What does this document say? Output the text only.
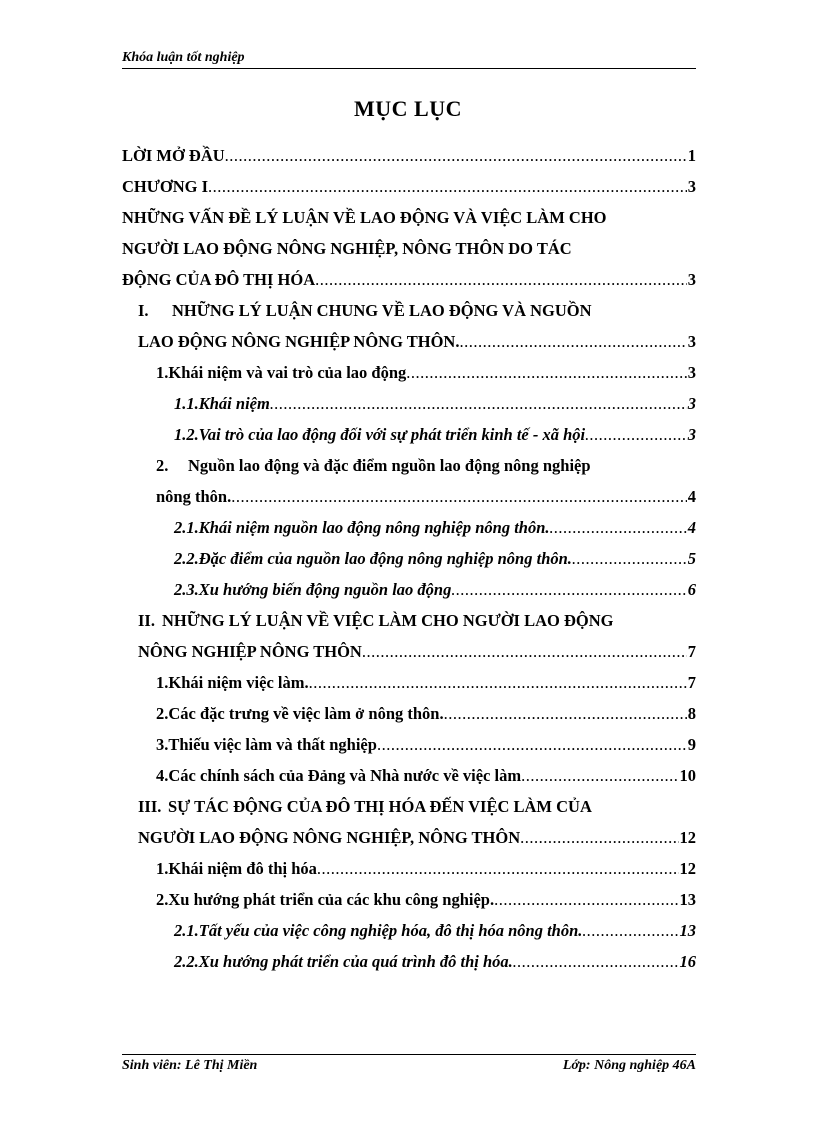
Khóa luận tốt nghiệp
MỤC LỤC
LỜI MỞ ĐẦU .....	1
CHƯƠNG I .....	3
NHỮNG VẤN ĐỀ LÝ LUẬN VỀ LAO ĐỘNG VÀ VIỆC LÀM CHO
NGƯỜI LAO ĐỘNG NÔNG NGHIỆP, NÔNG THÔN DO TÁC
ĐỘNG CỦA ĐÔ THỊ HÓA .....	3
I. NHỮNG LÝ LUẬN CHUNG VỀ LAO ĐỘNG VÀ NGUỒN
LAO ĐỘNG NÔNG NGHIỆP NÔNG THÔN. .....	3
1. Khái niệm và vai trò của lao động .....	3
1.1. Khái niệm .....	3
1.2. Vai trò của lao động đối với sự phát triển kinh tế - xã hội .....	3
2. Nguồn lao động và đặc điểm nguồn lao động nông nghiệp
nông thôn. .....	4
2.1. Khái niệm nguồn lao động nông nghiệp nông thôn. .....	4
2.2. Đặc điểm của nguồn lao động nông nghiệp nông thôn. .....	5
2.3. Xu hướng biến động nguồn lao động .....	6
II. NHỮNG LÝ LUẬN VỀ VIỆC LÀM CHO NGƯỜI LAO ĐỘNG
NÔNG NGHIỆP NÔNG THÔN .....	7
1. Khái niệm việc làm. .....	7
2. Các đặc trưng về việc làm ở nông thôn. .....	8
3. Thiếu việc làm và thất nghiệp .....	9
4. Các chính sách của Đảng và Nhà nước về việc làm .....	10
III. SỰ TÁC ĐỘNG CỦA ĐÔ THỊ HÓA ĐẾN VIỆC LÀM CỦA
NGƯỜI LAO ĐỘNG NÔNG NGHIỆP, NÔNG THÔN .....	12
1. Khái niệm đô thị hóa .....	12
2. Xu hướng phát triển của các khu công nghiệp. .....	13
2.1. Tất yếu của việc công nghiệp hóa, đô thị hóa nông thôn. .....	13
2.2. Xu hướng phát triển của quá trình đô thị hóa. .....	16
Sinh viên: Lê Thị Miền	Lớp: Nông nghiệp 46A
